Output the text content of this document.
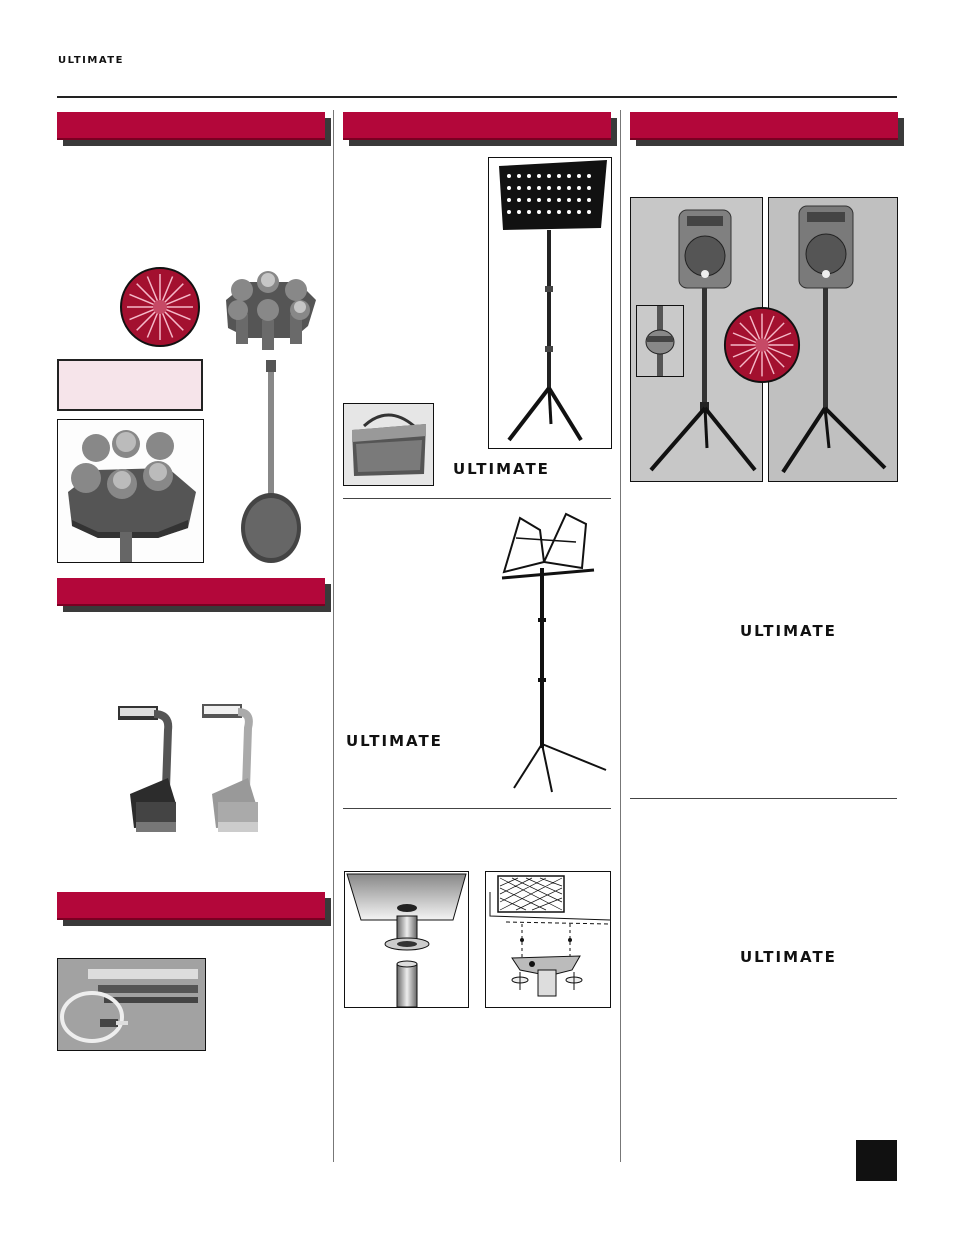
ULTIMATE
ULTIMATE
ULTIMATE
ULTIMATE
ULTIMATE
